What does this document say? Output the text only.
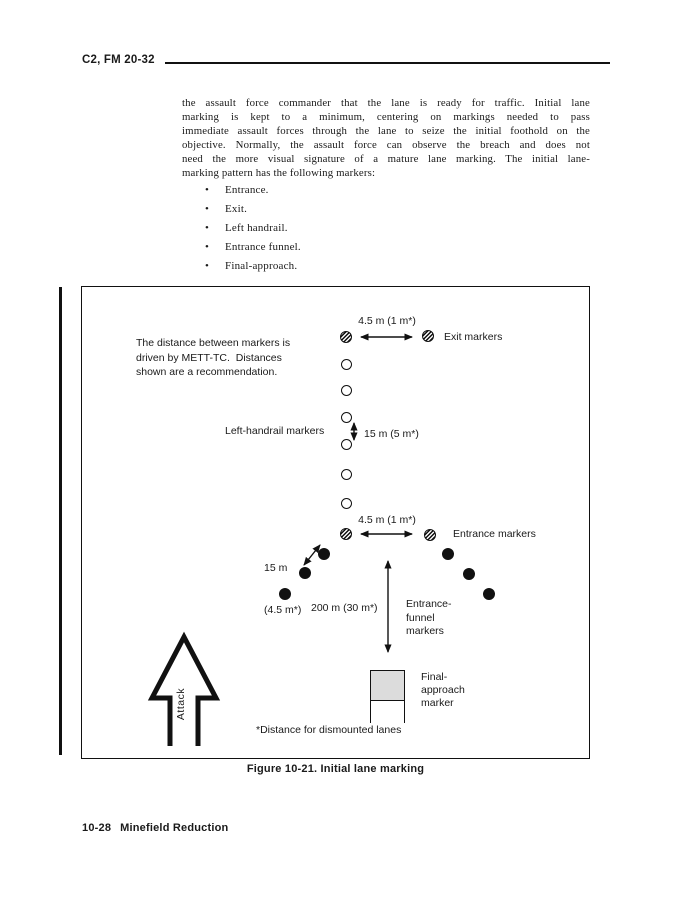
C2, FM 20-32
the assault force commander that the lane is ready for traffic. Initial lane
marking is kept to a minimum, centering on markings needed to pass
immediate assault forces through the lane to seize the initial foothold on the
objective. Normally, the assault force can observe the breach and does not
need the more visual signature of a mature lane marking. The initial lane-
marking pattern has the following markers:
•	Entrance.
•	Exit.
•	Left handrail.
•	Entrance funnel.
•	Final-approach.
The distance between markers is
driven by METT-TC.  Distances
shown are a recommendation.
4.5 m (1 m*)
Exit markers
Left-handrail markers	15 m (5 m*)
4.5 m (1 m*)
Entrance markers

15 m

(4.5 m*)

200 m (30 m*)	Entrance-
funnel
markers
Final-
approach
marker
Attack
*Distance for dismounted lanes
Figure 10-21. Initial lane marking
10-28 Minefield Reduction
